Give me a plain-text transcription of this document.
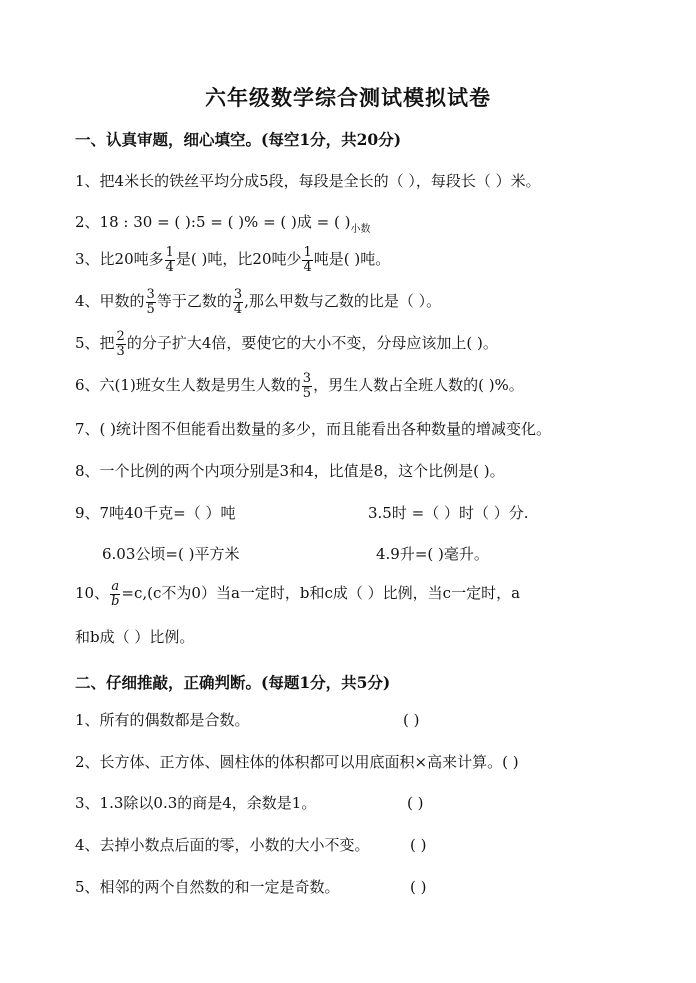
六年级数学综合测试模拟试卷
一、认真审题，细心填空。(每空1分，共20分)
1、把4米长的铁丝平均分成5段，每段是全长的（ ），每段长（ ）米。
2、18 : 30 = ( ):5 = ( )% = ( )成 = ( )$_{小数}$
3、比20吨多 $\frac{1}{4}$ 是( )吨，比20吨少 $\frac{1}{4}$ 吨是( )吨。
4、甲数的 $\frac{3}{5}$ 等于乙数的 $\frac{3}{4}$ ,那么甲数与乙数的比是（ ）。
5、把 $\frac{2}{3}$ 的分子扩大4倍，要使它的大小不变，分母应该加上( )。
6、六(1)班女生人数是男生人数的 $\frac{3}{5}$ ，男生人数占全班人数的( )%。
7、( )统计图不但能看出数量的多少，而且能看出各种数量的增减变化。
8、一个比例的两个内项分别是3和4，比值是8，这个比例是( )。
9、7吨40千克=（ ）吨	3.5时 =（ ）时（ ）分.
6.03公顷=( )平方米	4.9升=( )毫升。
10、 $\frac{a}{b} =c,(c$不为0）当a一定时，b和c成（ ）比例，当c一定时，a
和b成（ ）比例。
二、仔细推敲，正确判断。(每题1分，共5分)
1、所有的偶数都是合数。	( )
2、长方体、正方体、圆柱体的体积都可以用底面积×高来计算。( )
3、1.3除以0.3的商是4，余数是1。	( )
4、去掉小数点后面的零，小数的大小不变。	( )
5、相邻的两个自然数的和一定是奇数。	( )
